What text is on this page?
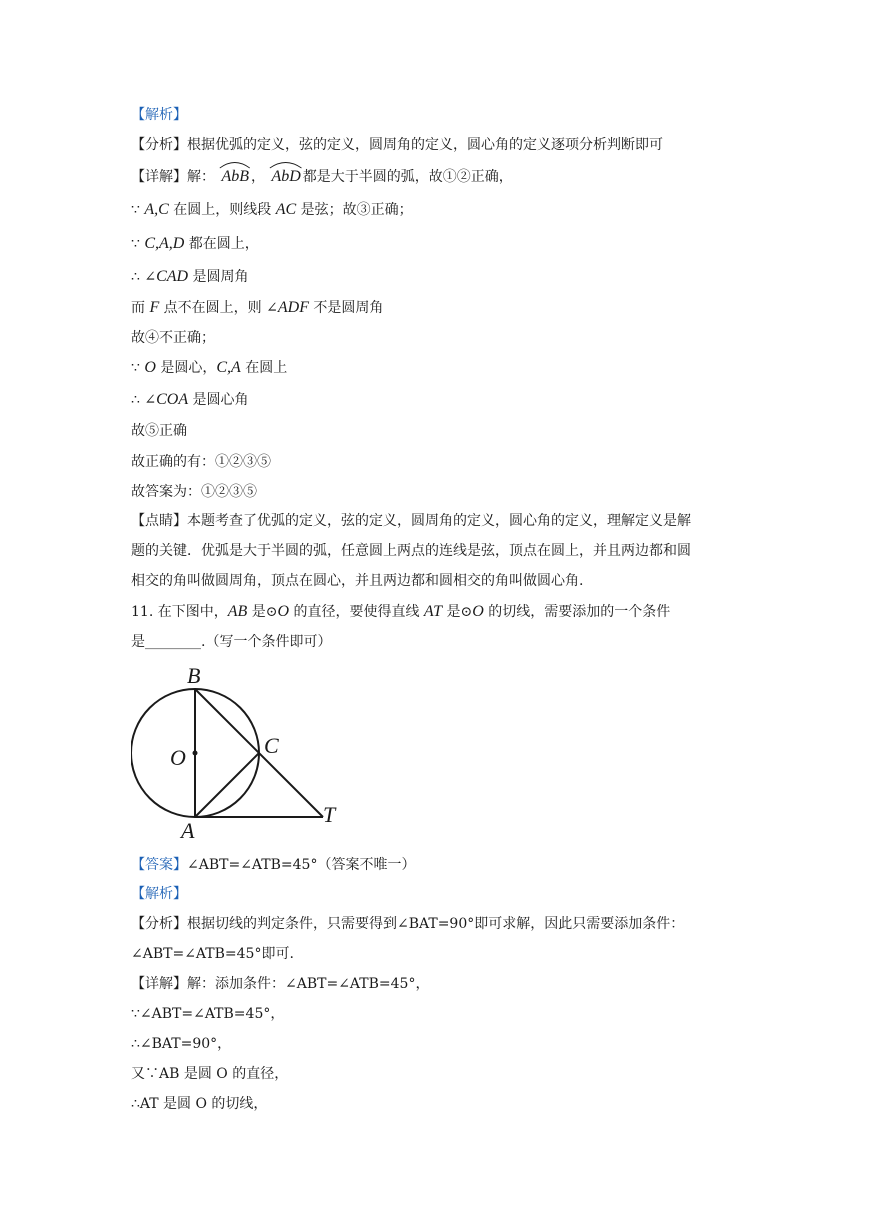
【解析】
【分析】根据优弧的定义，弦的定义，圆周角的定义，圆心角的定义逐项分析判断即可
【详解】解： AbB ， AbD 都是大于半圆的弧，故①②正确，
∵ A,C 在圆上，则线段 AC 是弦；故③正确；
∵ C,A,D 都在圆上，
∴ ∠CAD 是圆周角
而 F 点不在圆上，则 ∠ADF 不是圆周角
故④不正确；
∵ O 是圆心，C,A 在圆上
∴ ∠COA 是圆心角
故⑤正确
故正确的有：①②③⑤
故答案为：①②③⑤
【点睛】本题考查了优弧的定义，弦的定义，圆周角的定义，圆心角的定义，理解定义是解
题的关键．优弧是大于半圆的弧，任意圆上两点的连线是弦，顶点在圆上，并且两边都和圆
相交的角叫做圆周角，顶点在圆心，并且两边都和圆相交的角叫做圆心角.
11. 在下图中，AB 是⊙O 的直径，要使得直线 AT 是⊙O 的切线，需要添加的一个条件
是________.（写一个条件即可）
B
O	C
A
T
【答案】∠ABT=∠ATB=45°（答案不唯一）
【解析】
【分析】根据切线的判定条件，只需要得到∠BAT=90°即可求解，因此只需要添加条件：
∠ABT=∠ATB=45°即可.
【详解】解：添加条件：∠ABT=∠ATB=45°，
∵∠ABT=∠ATB=45°，
∴∠BAT=90°，
又∵AB 是圆 O 的直径，
∴AT 是圆 O 的切线，
